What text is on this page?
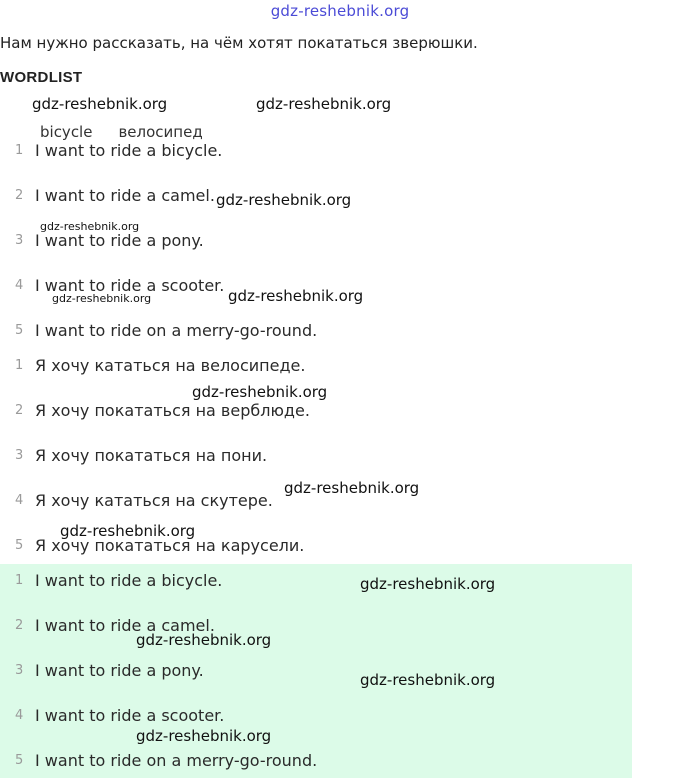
gdz-reshebnik.org
Нам нужно рассказать, на чём хотят покататься зверюшки.
WORDLIST
bicycle велосипед
1 I want to ride a bicycle.
2 I want to ride a camel.
3 I want to ride a pony.
4 I want to ride a scooter.
5 I want to ride on a merry-go-round.
1 Я хочу кататься на велосипеде.
2 Я хочу покататься на верблюде.
3 Я хочу покататься на пони.
4 Я хочу кататься на скутере.
5 Я хочу покататься на карусели.
1 I want to ride a bicycle.
2 I want to ride a camel.
3 I want to ride a pony.
4 I want to ride a scooter.
5 I want to ride on a merry-go-round.
gdz-reshebnik.org	gdz-reshebnik.org
gdz-reshebnik.org
gdz-reshebnik.org
gdz-reshebnik.org
gdz-reshebnik.org
gdz-reshebnik.org
gdz-reshebnik.org
gdz-reshebnik.org
gdz-reshebnik.org
gdz-reshebnik.org
gdz-reshebnik.org
gdz-reshebnik.org
